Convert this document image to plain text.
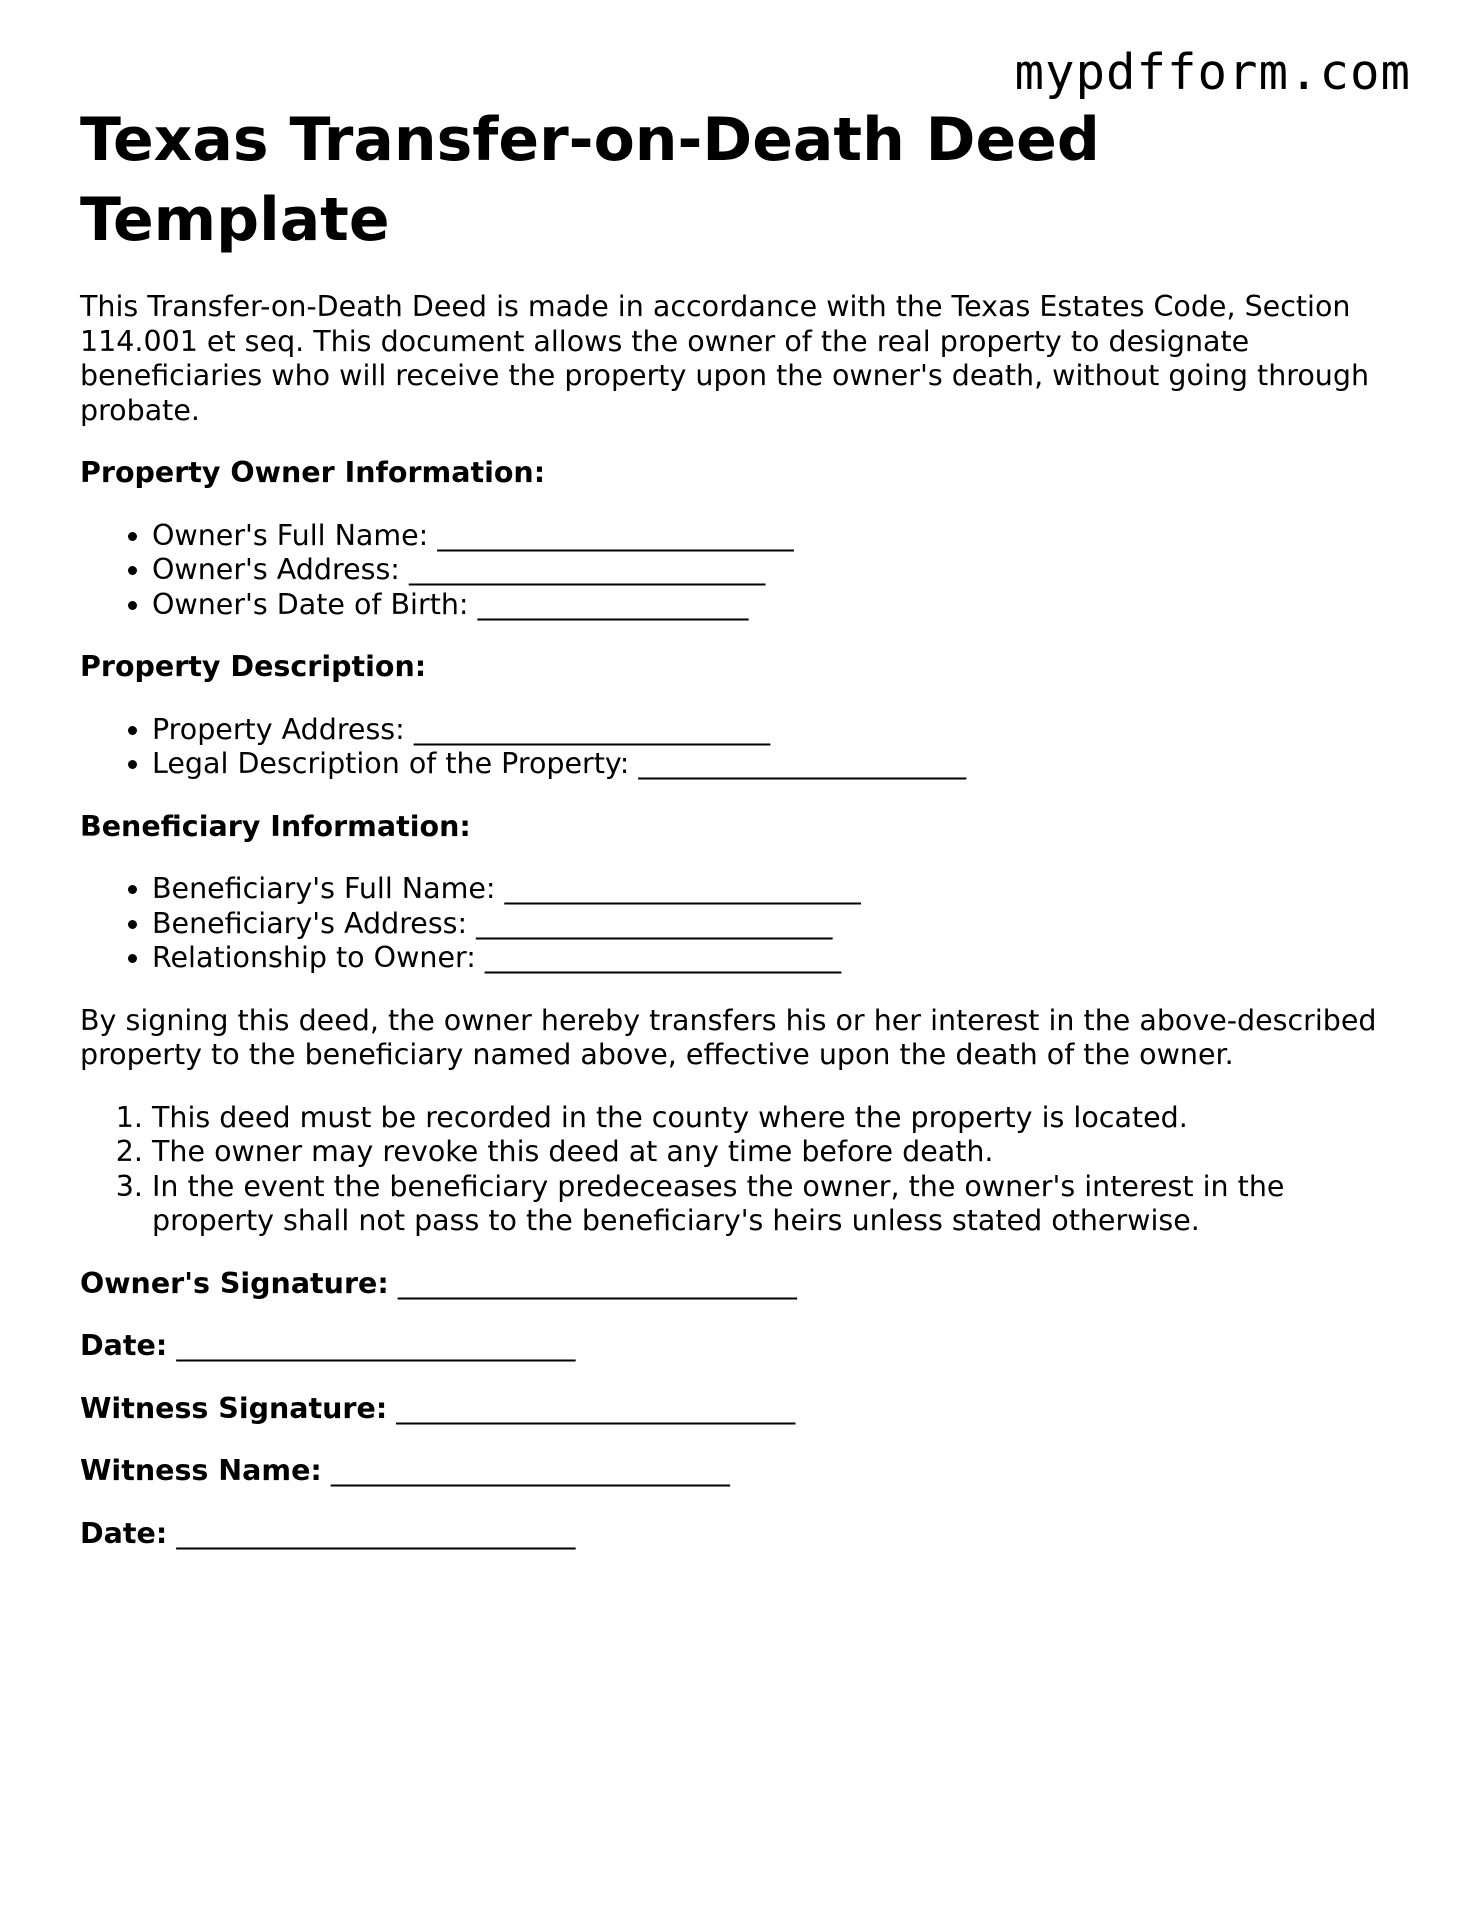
mypdfform.com
Texas Transfer-on-Death Deed Template

This Transfer-on-Death Deed is made in accordance with the Texas Estates Code, Section 114.001 et seq. This document allows the owner of the real property to designate beneficiaries who will receive the property upon the owner's death, without going through probate.

Property Owner Information:

• Owner's Full Name: _________________________
• Owner's Address: _________________________
• Owner's Date of Birth: ___________________

Property Description:

• Property Address: _________________________
• Legal Description of the Property: _______________________

Beneficiary Information:

• Beneficiary's Full Name: _________________________
• Beneficiary's Address: _________________________
• Relationship to Owner: _________________________

By signing this deed, the owner hereby transfers his or her interest in the above-described property to the beneficiary named above, effective upon the death of the owner.

1. This deed must be recorded in the county where the property is located.
2. The owner may revoke this deed at any time before death.
3. In the event the beneficiary predeceases the owner, the owner's interest in the property shall not pass to the beneficiary's heirs unless stated otherwise.

Owner's Signature: ____________________________

Date: ____________________________

Witness Signature: ____________________________

Witness Name: ____________________________

Date: ____________________________
